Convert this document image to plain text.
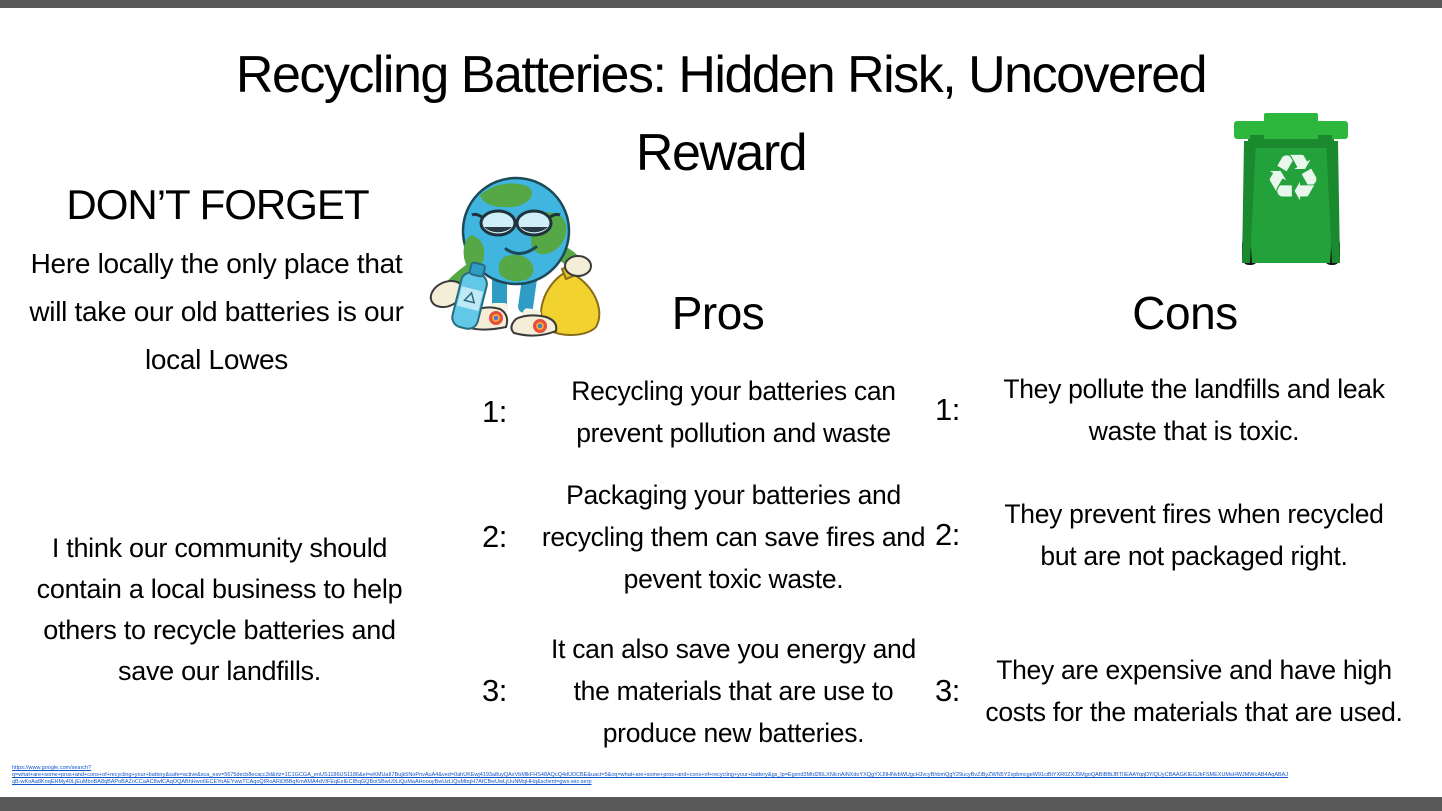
Recycling Batteries: Hidden Risk, Uncovered
Reward
DON’T FORGET
Here locally the only place that will take our old batteries is our local Lowes
I think our community should contain a local business to help others to recycle batteries and save our landfills.
♻
Pros	Cons
1:
Recycling your batteries can prevent pollution and waste
2:
Packaging your batteries and recycling them can save fires and pevent toxic waste.
3:
It can also save you energy and the materials that are use to produce new batteries.
1:
They pollute the landfills and leak waste that is toxic.
2:
They prevent fires when recycled but are not packaged right.
3:
They are expensive and have high costs for the materials that are used.
https://www.google.com/search?
q=what+are+some+pros+and+cons+of+recycling+your+battery&safe=active&sca_esv=5675decb8ecacc3d&rlz=1C1GCGA_enUS1186US1186&ei=eKMUaII7Bujk5NoPnvAuA4&ved=0ahUKEwj4193a8uyQAxVbMlkFHS48AQcQ4dUDCBE&uact=5&oq=what+are+some+pros+and+cons+of+recycling+your+battery&gs_lp=Egxnd3Mtd2l6LXNlcnAiNXdoYXQgYXJlIHNvbWUgcHJvcyBhbmQgY29ucyBvZiByZWN5Y2xpbmcgeW91ciBiYXR0ZXJ5MgoQABiBBiJBTIIEAAYqqDYiQUyCBAAGKIEGJkFSMEXUMsHWJMWcAB4AqABAJ
qB-wKoAa8KoqEHMy40LjEuMboBA8qBAPoBAZoCCaAC8wfCAqOQABhHwoIIECEYoAEYwwTCAqoQIRoARiDBBqKmAMA4dVIFEqExIECIBqGQBoiSBwU0LiQuMaAHoouyBwUzLiQuMbqH7AfCBwUwLjUuNMqHHq&sclient=gws-wiz-serp
